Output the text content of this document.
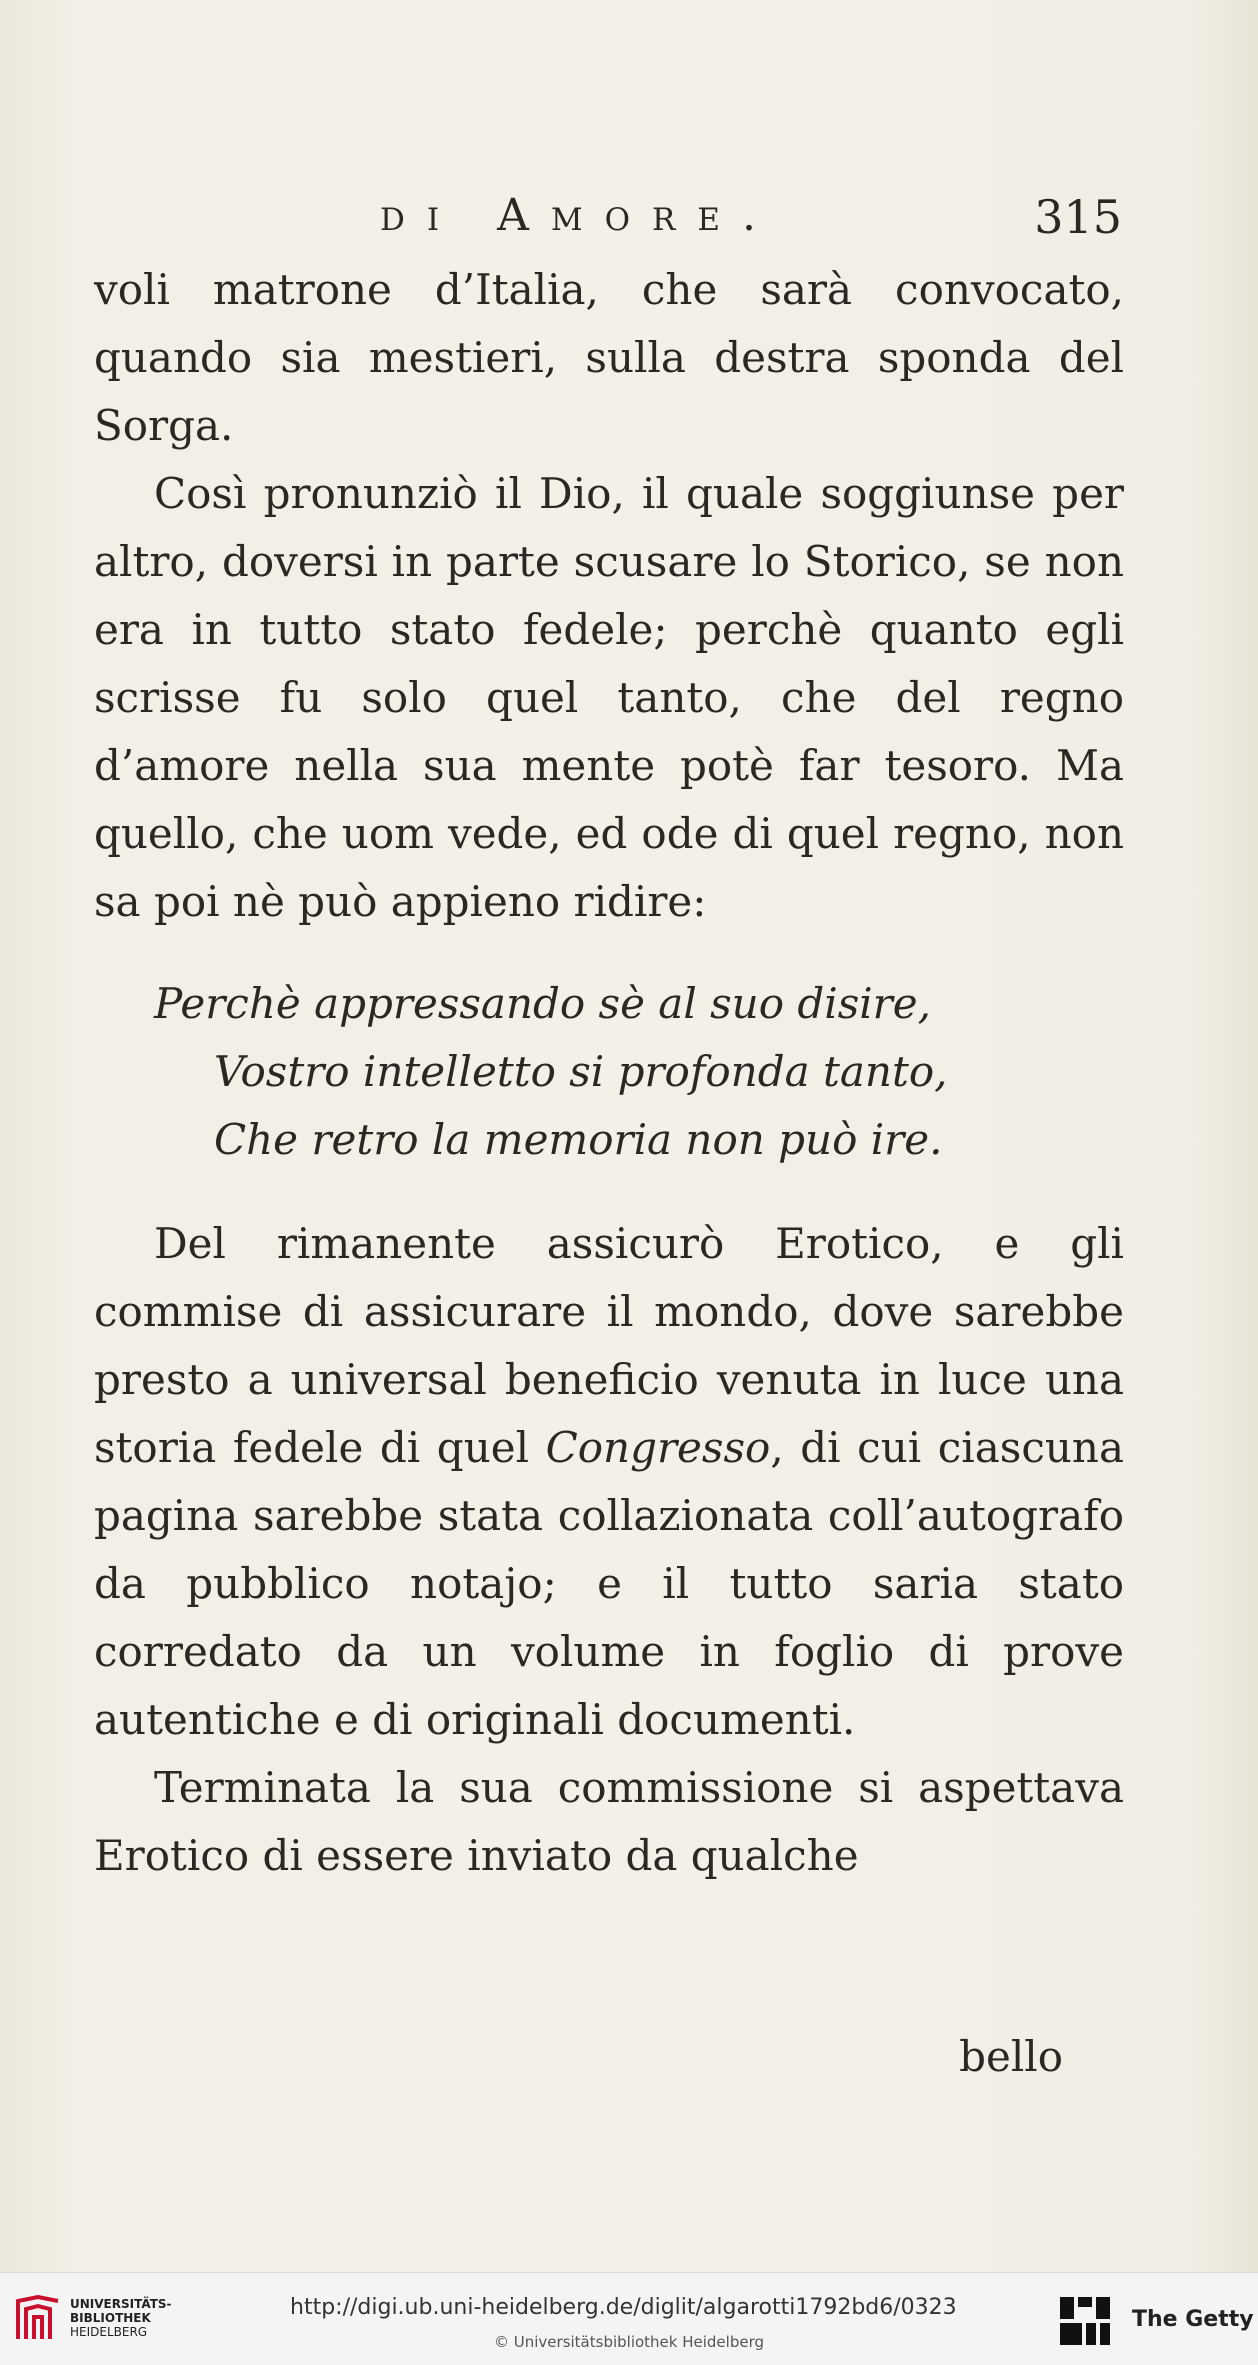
di Amore.	315

voli matrone d’Italia, che sarà convocato, quando sia mestieri, sulla destra sponda del Sorga.

Così pronunziò il Dio, il quale soggiunse per altro, doversi in parte scusare lo Storico, se non era in tutto stato fedele; perchè quanto egli scrisse fu solo quel tanto, che del regno d’amore nella sua mente potè far tesoro. Ma quello, che uom vede, ed ode di quel regno, non sa poi nè può appieno ridire:

Perchè appressando sè al suo disire,
Vostro intelletto si profonda tanto,
Che retro la memoria non può ire.

Del rimanente assicurò Erotico, e gli commise di assicurare il mondo, dove sarebbe presto a universal beneficio venuta in luce una storia fedele di quel Congresso, di cui ciascuna pagina sarebbe stata collazionata coll’autografo da pubblico notajo; e il tutto saria stato corredato da un volume in foglio di prove autentiche e di originali documenti.

Terminata la sua commissione si aspettava Erotico di essere inviato da qualche

bello
UNIVERSITÄTS-
BIBLIOTHEK
HEIDELBERG
http://digi.ub.uni-heidelberg.de/diglit/algarotti1792bd6/0323
© Universitätsbibliothek Heidelberg
The Getty
